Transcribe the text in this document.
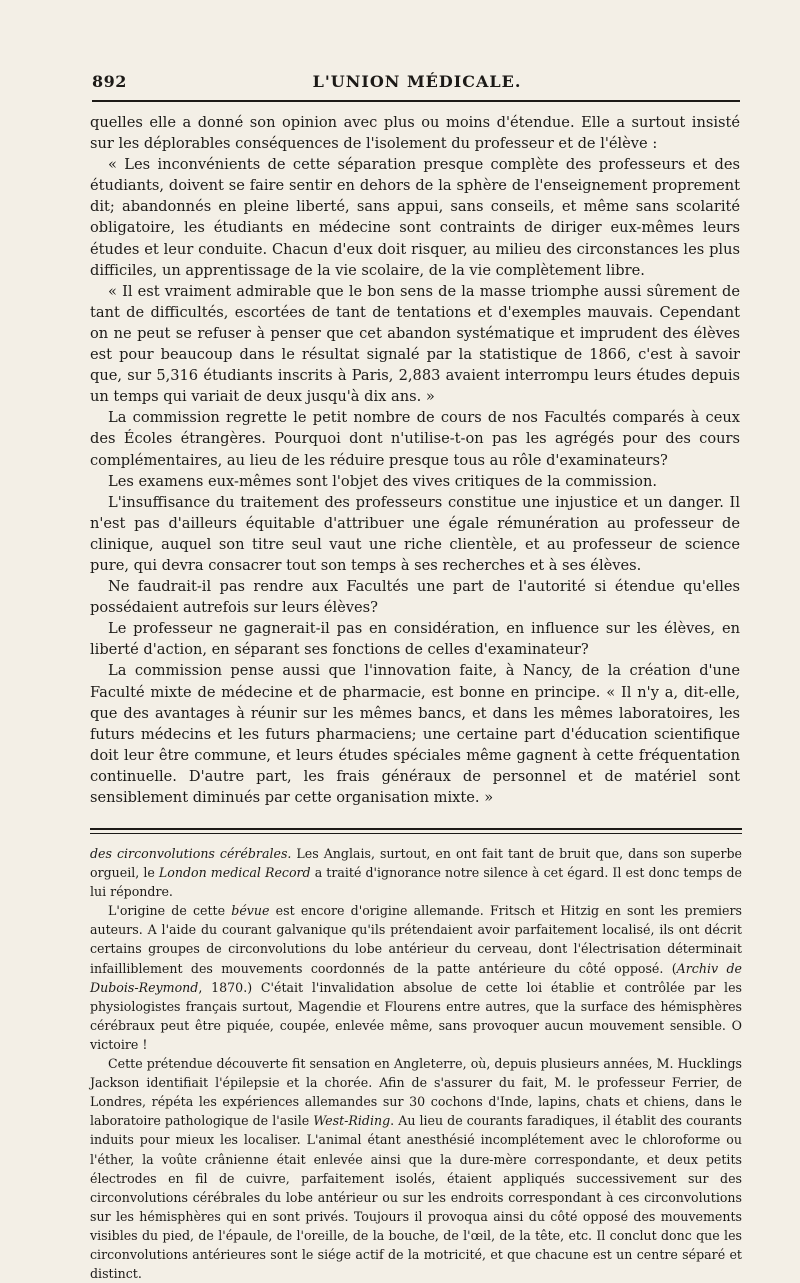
892	L'UNION MÉDICALE.

quelles elle a donné son opinion avec plus ou moins d'étendue. Elle a surtout insisté sur les déplorables conséquences de l'isolement du professeur et de l'élève :

« Les inconvénients de cette séparation presque complète des professeurs et des étudiants, doivent se faire sentir en dehors de la sphère de l'enseignement proprement dit; abandonnés en pleine liberté, sans appui, sans conseils, et même sans scolarité obligatoire, les étudiants en médecine sont contraints de diriger eux-mêmes leurs études et leur conduite. Chacun d'eux doit risquer, au milieu des circonstances les plus difficiles, un apprentissage de la vie scolaire, de la vie complètement libre.

« Il est vraiment admirable que le bon sens de la masse triomphe aussi sûrement de tant de difficultés, escortées de tant de tentations et d'exemples mauvais. Cependant on ne peut se refuser à penser que cet abandon systématique et imprudent des élèves est pour beaucoup dans le résultat signalé par la statistique de 1866, c'est à savoir que, sur 5,316 étudiants inscrits à Paris, 2,883 avaient interrompu leurs études depuis un temps qui variait de deux jusqu'à dix ans. »

La commission regrette le petit nombre de cours de nos Facultés comparés à ceux des Écoles étrangères. Pourquoi dont n'utilise-t-on pas les agrégés pour des cours complémentaires, au lieu de les réduire presque tous au rôle d'examinateurs?

Les examens eux-mêmes sont l'objet des vives critiques de la commission.

L'insuffisance du traitement des professeurs constitue une injustice et un danger. Il n'est pas d'ailleurs équitable d'attribuer une égale rémunération au professeur de clinique, auquel son titre seul vaut une riche clientèle, et au professeur de science pure, qui devra consacrer tout son temps à ses recherches et à ses élèves.

Ne faudrait-il pas rendre aux Facultés une part de l'autorité si étendue qu'elles possédaient autrefois sur leurs élèves?

Le professeur ne gagnerait-il pas en considération, en influence sur les élèves, en liberté d'action, en séparant ses fonctions de celles d'examinateur?

La commission pense aussi que l'innovation faite, à Nancy, de la création d'une Faculté mixte de médecine et de pharmacie, est bonne en principe. « Il n'y a, dit-elle, que des avantages à réunir sur les mêmes bancs, et dans les mêmes laboratoires, les futurs médecins et les futurs pharmaciens; une certaine part d'éducation scientifique doit leur être commune, et leurs études spéciales même gagnent à cette fréquentation continuelle. D'autre part, les frais généraux de personnel et de matériel sont sensiblement diminués par cette organisation mixte. »

des circonvolutions cérébrales. Les Anglais, surtout, en ont fait tant de bruit que, dans son superbe orgueil, le London medical Record a traité d'ignorance notre silence à cet égard. Il est donc temps de lui répondre.

L'origine de cette bévue est encore d'origine allemande. Fritsch et Hitzig en sont les premiers auteurs. A l'aide du courant galvanique qu'ils prétendaient avoir parfaitement localisé, ils ont décrit certains groupes de circonvolutions du lobe antérieur du cerveau, dont l'électrisation déterminait infailliblement des mouvements coordonnés de la patte antérieure du côté opposé. (Archiv de Dubois-Reymond, 1870.) C'était l'invalidation absolue de cette loi établie et contrôlée par les physiologistes français surtout, Magendie et Flourens entre autres, que la surface des hémisphères cérébraux peut être piquée, coupée, enlevée même, sans provoquer aucun mouvement sensible. O victoire !

Cette prétendue découverte fit sensation en Angleterre, où, depuis plusieurs années, M. Hucklings Jackson identifiait l'épilepsie et la chorée. Afin de s'assurer du fait, M. le professeur Ferrier, de Londres, répéta les expériences allemandes sur 30 cochons d'Inde, lapins, chats et chiens, dans le laboratoire pathologique de l'asile West-Riding. Au lieu de courants faradiques, il établit des courants induits pour mieux les localiser. L'animal étant anesthésié incomplétement avec le chloroforme ou l'éther, la voûte crânienne était enlevée ainsi que la dure-mère correspondante, et deux petits électrodes en fil de cuivre, parfaitement isolés, étaient appliqués successivement sur des circonvolutions cérébrales du lobe antérieur ou sur les endroits correspondant à ces circonvolutions sur les hémisphères qui en sont privés. Toujours il provoqua ainsi du côté opposé des mouvements visibles du pied, de l'épaule, de l'oreille, de la bouche, de l'œil, de la tête, etc. Il conclut donc que les circonvolutions antérieures sont le siége actif de la motricité, et que chacune est un centre séparé et distinct.
